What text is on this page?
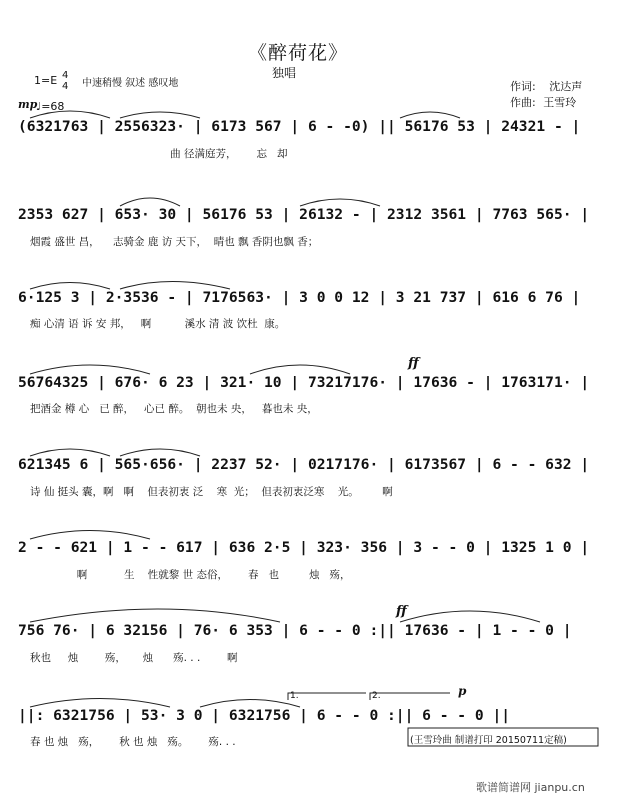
《醉荷花》
独唱
1=E 4
4 中速稍慢 叙述 感叹地
mp
♩=68
作词: 沈达声
作曲: 王雪玲
(6321763 | 2556323· | 6173 567 | 6 - -0) || 56176 53 | 24321 - |
曲 径满庭芳，      忘   却
2353 627 | 653· 30 | 56176 53 | 26132 - | 2312 3561 | 7763 565· |
烟霞 盛世 昌，    志骑金 鹿 访 天下，  晴也 飘 香阴也飘 香；
6·125 3 | 2·3536 - | 7176563· | 3 0 0 12 | 3 21 737 | 616 6 76 |
痴 心清 语 诉 安 邦，   啊          溪水 清 波 饮杜  康。
ff
56764325 | 676· 6 23 | 321· 10 | 73217176· | 17636 - | 1763171· |
把酒金 樽 心   已 醉，   心已 醉。  朝也未 央，   暮也未 央，
621345 6 | 565·656· | 2237 52· | 0217176· | 6173567 | 6 - - 632 |
诗 仙 挺头 囊，啊   啊    但表初衷 泛    寒  光；  但表初衷泛寒    光。       啊
2 - - 621 | 1 - - 617 | 636 2·5 | 323· 356 | 3 - - 0 | 1325 1 0 |
啊           生    性就黎 世 态俗，      春   也         烛   殇，
ff
756 76· | 6 32156 | 76· 6 353 | 6 - - 0 :|| 17636 - | 1 - - 0 |
秋也     烛        殇，     烛      殇. . .        啊
1.	2.	p
||: 6321756 | 53· 3 0 | 6321756 | 6 - - 0 :|| 6 - - 0 ||
春 也 烛   殇，      秋 也 烛   殇。      殇. . .	(王雪玲曲 制谱打印 20150711定稿)
歌谱简谱网 jianpu.cn
